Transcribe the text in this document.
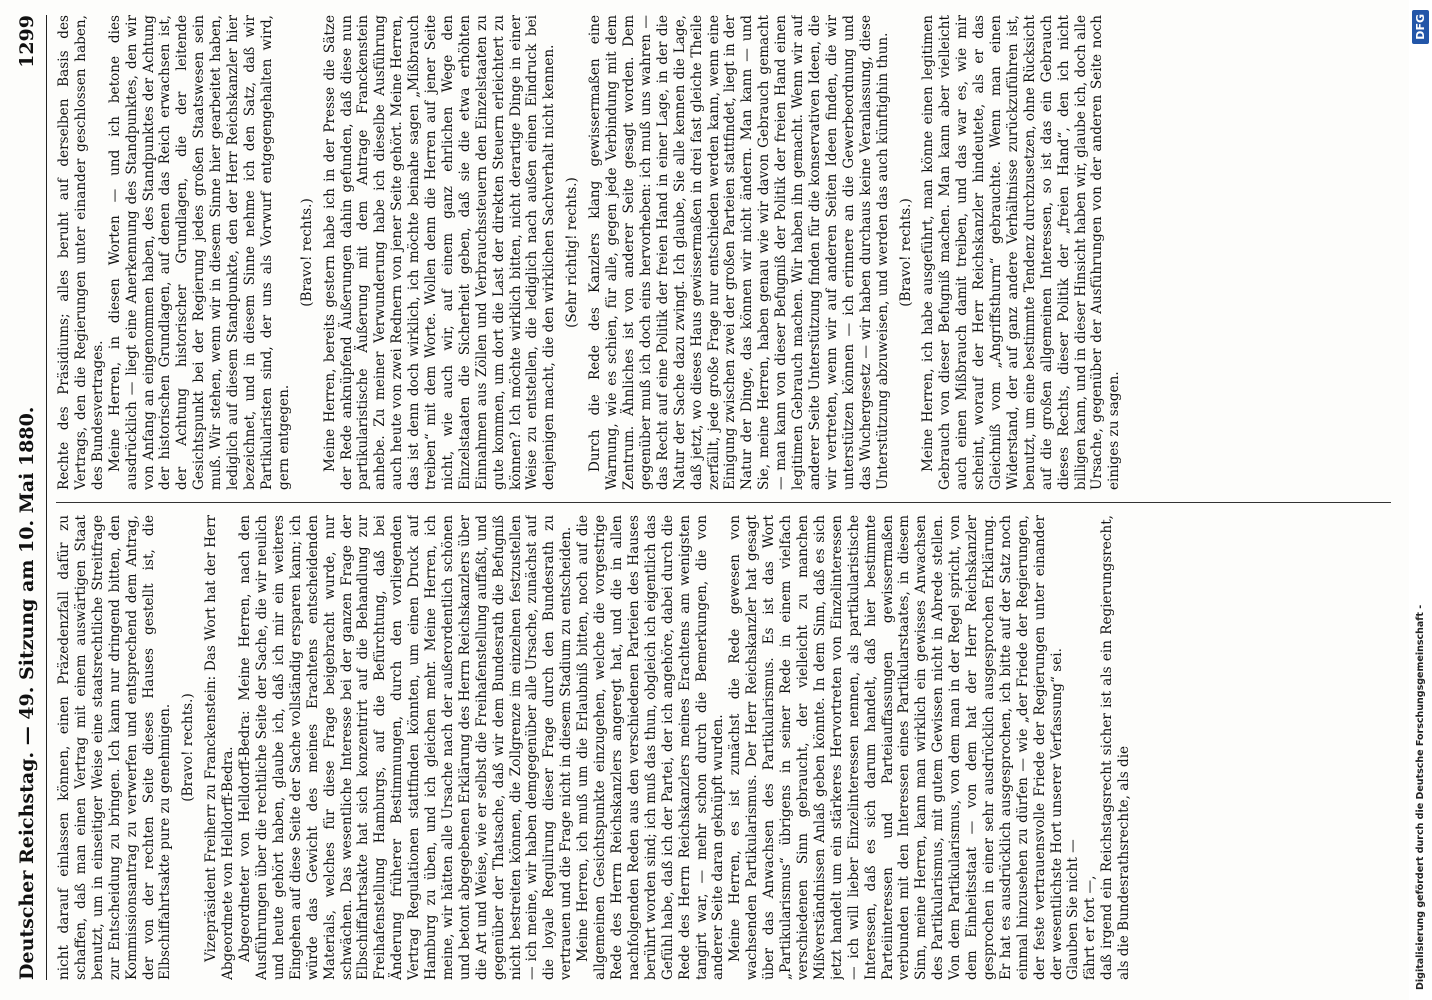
Deutscher Reichstag. — 49.
Sitzung am 10. Mai 1880.
1299

nicht darauf einlassen können, einen Präzedenzfall dafür zu schaffen, daß man einen Vertrag mit einem auswärtigen Staat benutzt, um in einseitiger Weise eine staatsrechtliche Streitfrage zur Entscheidung zu bringen. Ich kann nur dringend bitten, den Kommissionsantrag zu verwerfen und entsprechend dem Antrag, der von der rechten Seite dieses Hauses gestellt ist, die Elbschiffahrtsakte pure zu genehmigen. (Bravo! rechts.) Vizepräsident Freiherr zu Franckenstein: Das Wort hat der Herr Abgeordnete von Helldorff-Bedra. Abgeordneter von Helldorff-Bedra: Meine Herren, nach den Ausführungen über die rechtliche Seite der Sache, die wir neulich und heute gehört haben, glaube ich, daß ich mir ein weiteres Eingehen auf diese Seite der Sache vollständig ersparen kann; ich würde das Gewicht des meines Erachtens entscheidenden Materials, welches für diese Frage beigebracht wurde, nur schwächen. Das wesentliche Interesse bei der ganzen Frage der Elbschiffahrtsakte hat sich konzentrirt auf die Behandlung zur Freihafenstellung Hamburgs, auf die Befürchtung, daß bei Änderung früherer Bestimmungen, durch den vorliegenden Vertrag Regulationen stattfinden könnten, um einen Druck auf Hamburg zu üben, und ich gleichen mehr. Meine Herren, ich meine, wir hätten alle Ursache nach der außerordentlich schönen und betont abgegebenen Erklärung des Herrn Reichskanzlers über die Art und Weise, wie er selbst die Freihafenstellung auffaßt, und gegenüber der Thatsache, daß wir dem Bundesrath die Befugniß nicht bestreiten können, die Zollgrenze im einzelnen festzustellen — ich meine, wir haben demgegenüber alle Ursache, zunächst auf die loyale Regulirung dieser Frage durch den Bundesrath zu vertrauen und die Frage nicht in diesem Stadium zu entscheiden. Meine Herren, ich muß um die Erlaubniß bitten, noch auf die allgemeinen Gesichtspunkte einzugehen, welche die vorgestrige Rede des Herrn Reichskanzlers angeregt hat, und die in allen nachfolgenden Reden aus den verschiedenen Parteien des Hauses berührt worden sind; ich muß das thun, obgleich ich eigentlich das Gefühl habe, daß ich der Partei, der ich angehöre, dabei durch die Rede des Herrn Reichskanzlers meines Erachtens am wenigsten tangirt war, — mehr schon durch die Bemerkungen, die von anderer Seite daran geknüpft wurden. Meine Herren, es ist zunächst die Rede gewesen von wachsenden Partikularismus. Der Herr Reichskanzler hat gesagt über das Anwachsen des Partikularismus. Es ist das Wort „Partikularismus“ übrigens in seiner Rede in einem vielfach verschiedenen Sinn gebraucht, der vielleicht zu manchen Mißverständnissen Anlaß geben könnte. In dem Sinn, daß es sich jetzt handelt um ein stärkeres Hervortreten von Einzelinteressen — ich will lieber Einzelinteressen nennen, als partikularistische Interessen, daß es sich darum handelt, daß hier bestimmte Parteiinteressen und Parteiauffassungen gewissermaßen verbunden mit den Interessen eines Partikularstaates, in diesem Sinn, meine Herren, kann man wirklich ein gewisses Anwachsen des Partikularismus, mit gutem Gewissen nicht in Abrede stellen. Von dem Partikularismus, von dem man in der Regel spricht, von dem Einheitsstaat — von dem hat der Herr Reichskanzler gesprochen in einer sehr ausdrücklich ausgesprochen Erklärung. Er hat es ausdrücklich ausgesprochen, ich bitte auf der Satz noch einmal hinzusehen zu dürfen — wie „der Friede der Regierungen, der feste vertrauensvolle Friede der Regierungen unter einander der wesentlichste Hort unserer Verfassung“ sei. Glauben Sie nicht — fährt er fort —, daß irgend ein Reichstagsrecht sicher ist als ein Regierungsrecht, als die Bundesrathsrechte, als die

Rechte des Präsidiums; alles beruht auf derselben Basis des Vertrags, den die Regierungen unter einander geschlossen haben, des Bundesvertrages. Meine Herren, in diesen Worten — und ich betone dies ausdrücklich — liegt eine Anerkennung des Standpunktes, den wir von Anfang an eingenommen haben, des Standpunktes der Achtung der historischen Grundlagen, auf denen das Reich erwachsen ist, der Achtung historischer Grundlagen, die der leitende Gesichtspunkt bei der Regierung jedes großen Staatswesen sein muß. Wir stehen, wenn wir in diesem Sinne hier gearbeitet haben, lediglich auf diesem Standpunkte, den der Herr Reichskanzler hier bezeichnet, und in diesem Sinne nehme ich den Satz, daß wir Partikularisten sind, der uns als Vorwurf entgegengehalten wird, gern entgegen.

(Bravo! rechts.) Meine Herren, bereits gestern habe ich in der Presse die Sätze der Rede anknüpfend Äußerungen dahin gefunden, daß diese nun partikularistische Äußerung mit dem Antrage Franckenstein anhebe. Zu meiner Verwunderung habe ich dieselbe Ausführung auch heute von zwei Rednern von jener Seite gehört. Meine Herren, das ist denn doch wirklich, ich möchte beinahe sagen „Mißbrauch treiben“ mit dem Worte. Wollen denn die Herren auf jener Seite nicht, wie auch wir, auf einem ganz ehrlichen Wege den Einzelstaaten die Sicherheit geben, daß sie die etwa erhöhten Einnahmen aus Zöllen und Verbrauchssteuern den Einzelstaaten zu gute kommen, um dort die Last der direkten Steuern erleichtert zu können? Ich möchte wirklich bitten, nicht derartige Dinge in einer Weise zu entstellen, die lediglich nach außen einen Eindruck bei denjenigen macht, die den wirklichen Sachverhalt nicht kennen. (Sehr richtig! rechts.) Durch die Rede des Kanzlers klang gewissermaßen eine Warnung, wie es schien, für alle, gegen jede Verbindung mit dem Zentrum. Ähnliches ist von anderer Seite gesagt worden. Dem gegenüber muß ich doch eins hervorheben: ich muß uns wahren — das Recht auf eine Politik der freien Hand in einer Lage, in der die Natur der Sache dazu zwingt. Ich glaube, Sie alle kennen die Lage, daß jetzt, wo dieses Haus gewissermaßen in drei fast gleiche Theile zerfällt, jede große Frage nur entschieden werden kann, wenn eine Einigung zwischen zwei der großen Parteien stattfindet, liegt in der Natur der Dinge, das können wir nicht ändern. Man kann — und Sie, meine Herren, haben genau wie wir davon Gebrauch gemacht — man kann von dieser Befugniß der Politik der freien Hand einen legitimen Gebrauch machen. Wir haben ihn gemacht. Wenn wir auf anderer Seite Unterstützung finden für die konservativen Ideen, die wir vertreten, wenn wir auf anderen Seiten Ideen finden, die wir unterstützen können — ich erinnere an die Gewerbeordnung und das Wuchergesetz — wir haben durchaus keine Veranlassung, diese Unterstützung abzuweisen, und werden das auch künftighin thun. (Bravo! rechts.) Meine Herren, ich habe ausgeführt, man könne einen legitimen Gebrauch von dieser Befugniß machen. Man kann aber vielleicht auch einen Mißbrauch damit treiben, und das war es, wie mir scheint, worauf der Herr Reichskanzler hindeutete, als er das Gleichniß vom „Angriffsthurm“ gebrauchte. Wenn man einen Widerstand, der auf ganz andere Verhältnisse zurückzuführen ist, benutzt, um eine bestimmte Tendenz durchzusetzen, ohne Rücksicht auf die großen allgemeinen Interessen, so ist das ein Gebrauch dieses Rechts, dieser Politik der „freien Hand“, den ich nicht billigen kann, und in dieser Hinsicht haben wir, glaube ich, doch alle Ursache, gegenüber der Ausführungen von der anderen Seite noch einiges zu sagen.

Digitalisierung gefördert durch die Deutsche Forschungsgemeinschaft -
DFG
